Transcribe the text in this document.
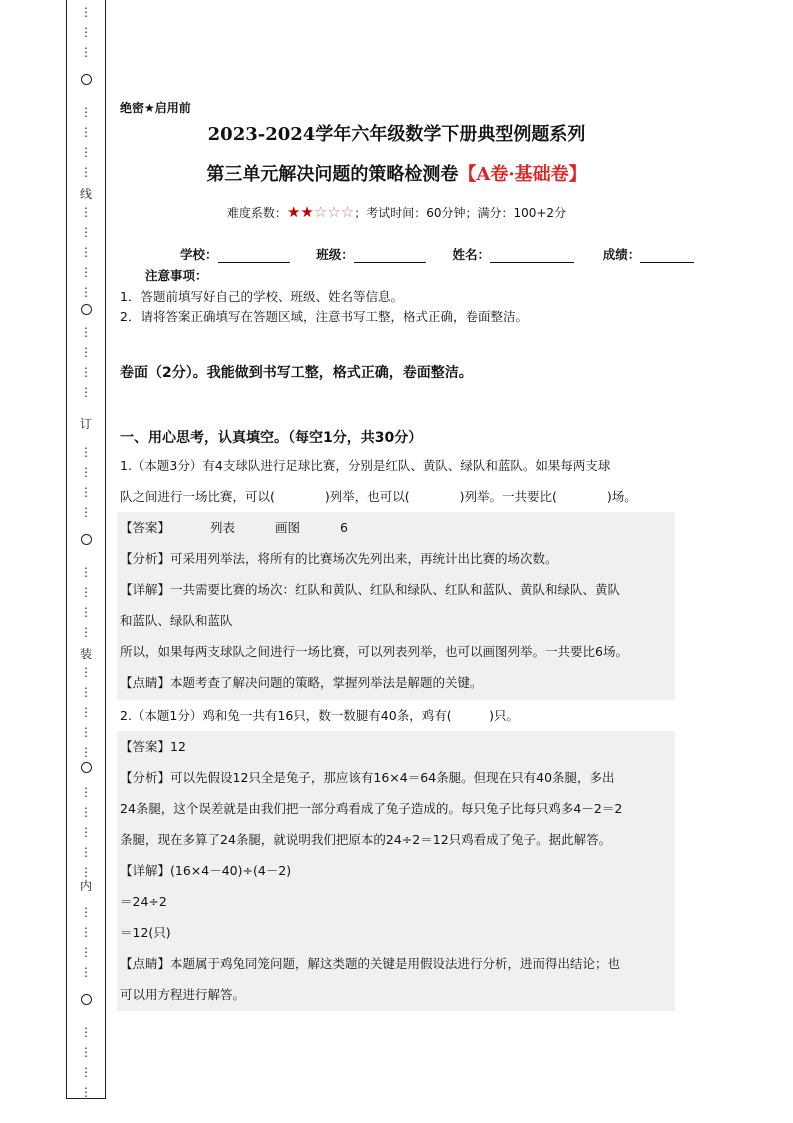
⋮
⋮
⋮
⋮
⋮
⋮
⋮
⋮
⋮
⋮
⋮
⋮
⋮
⋮
⋮
⋮
⋮
⋮
⋮
⋮
⋮
⋮
⋮
⋮
⋮
⋮
⋮
⋮
⋮
⋮
⋮
⋮
⋮
⋮
⋮
⋮
⋮
⋮
⋮
⋮
⋮
⋮
线
订
装
内
绝密★启用前
2023-2024学年六年级数学下册典型例题系列
第三单元解决问题的策略检测卷【A卷·基础卷】
难度系数：★★☆☆☆；考试时间：60分钟；满分：100+2分
学校：	班级：	姓名：	成绩：
注意事项：
1．答题前填写好自己的学校、班级、姓名等信息。
2．请将答案正确填写在答题区域，注意书写工整，格式正确，卷面整洁。
卷面（2分）。我能做到书写工整，格式正确，卷面整洁。
一、用心思考，认真填空。（每空1分，共30分）
1.（本题3分）有4支球队进行足球比赛，分别是红队、黄队、绿队和蓝队。如果每两支球
队之间进行一场比赛，可以(　　　　)列举，也可以(　　　　)列举。一共要比(　　　　)场。
【答案】	列表	画图	6
【分析】可采用列举法，将所有的比赛场次先列出来，再统计出比赛的场次数。
【详解】一共需要比赛的场次：红队和黄队、红队和绿队、红队和蓝队、黄队和绿队、黄队
和蓝队、绿队和蓝队
所以，如果每两支球队之间进行一场比赛，可以列表列举，也可以画图列举。一共要比6场。
【点睛】本题考查了解决问题的策略，掌握列举法是解题的关键。
2.（本题1分）鸡和兔一共有16只，数一数腿有40条，鸡有(　　　)只。
【答案】12
【分析】可以先假设12只全是兔子，那应该有16×4＝64条腿。但现在只有40条腿，多出
24条腿，这个误差就是由我们把一部分鸡看成了兔子造成的。每只兔子比每只鸡多4－2＝2
条腿，现在多算了24条腿，就说明我们把原本的24÷2＝12只鸡看成了兔子。据此解答。
【详解】(16×4－40)÷(4－2)
＝24÷2
＝12(只)
【点睛】本题属于鸡兔同笼问题，解这类题的关键是用假设法进行分析，进而得出结论；也
可以用方程进行解答。
